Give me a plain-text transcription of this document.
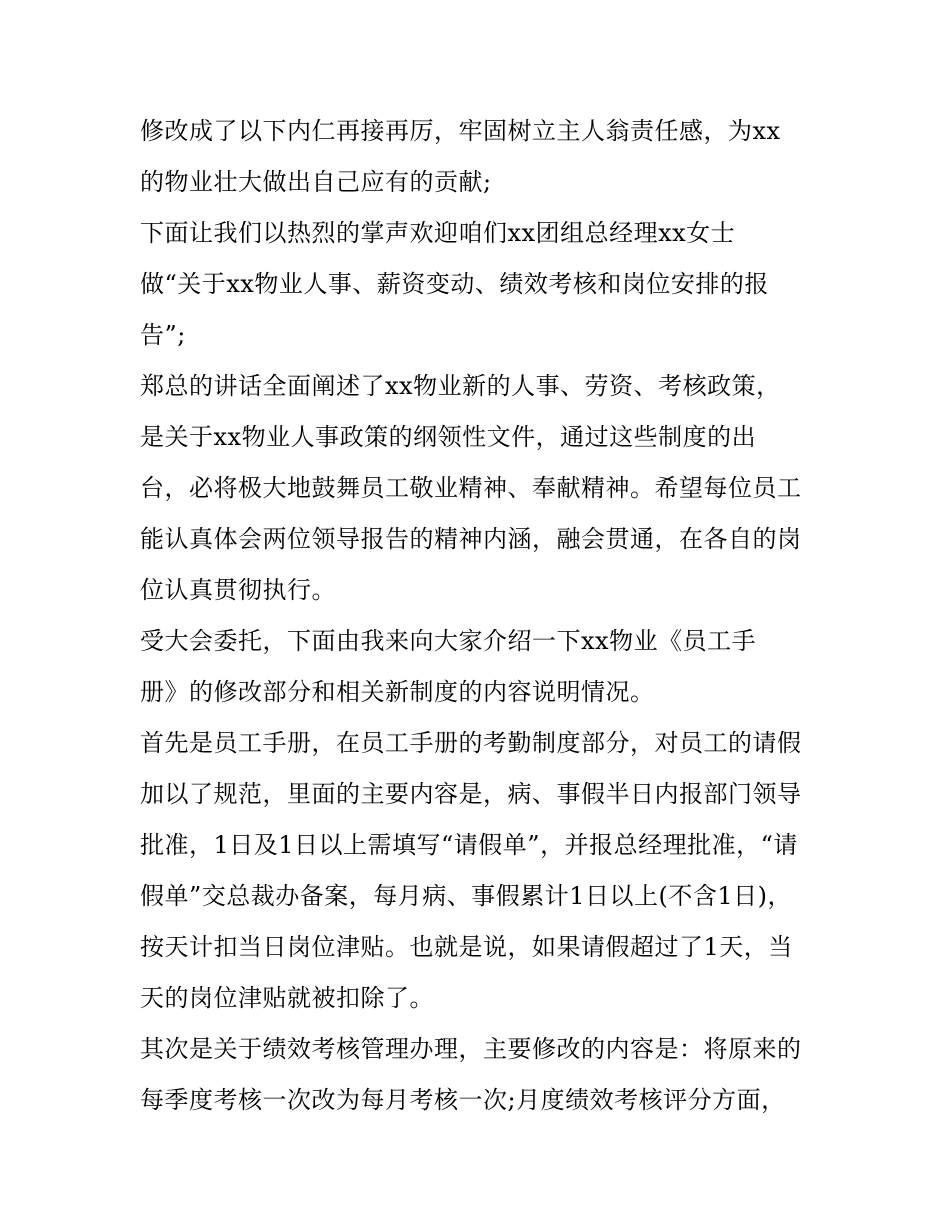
修改成了以下内仁再接再厉，牢固树立主人翁责任感，为xx
的物业壮大做出自己应有的贡献;
下面让我们以热烈的掌声欢迎咱们xx团组总经理xx女士
做“关于xx物业人事、薪资变动、绩效考核和岗位安排的报
告”;
郑总的讲话全面阐述了xx物业新的人事、劳资、考核政策，
是关于xx物业人事政策的纲领性文件，通过这些制度的出
台，必将极大地鼓舞员工敬业精神、奉献精神。希望每位员工
能认真体会两位领导报告的精神内涵，融会贯通，在各自的岗
位认真贯彻执行。
受大会委托，下面由我来向大家介绍一下xx物业《员工手
册》的修改部分和相关新制度的内容说明情况。
首先是员工手册，在员工手册的考勤制度部分，对员工的请假
加以了规范，里面的主要内容是，病、事假半日内报部门领导
批准，1日及1日以上需填写“请假单”，并报总经理批准，“请
假单”交总裁办备案，每月病、事假累计1日以上(不含1日)，
按天计扣当日岗位津贴。也就是说，如果请假超过了1天，当
天的岗位津贴就被扣除了。
其次是关于绩效考核管理办理，主要修改的内容是：将原来的
每季度考核一次改为每月考核一次;月度绩效考核评分方面，
